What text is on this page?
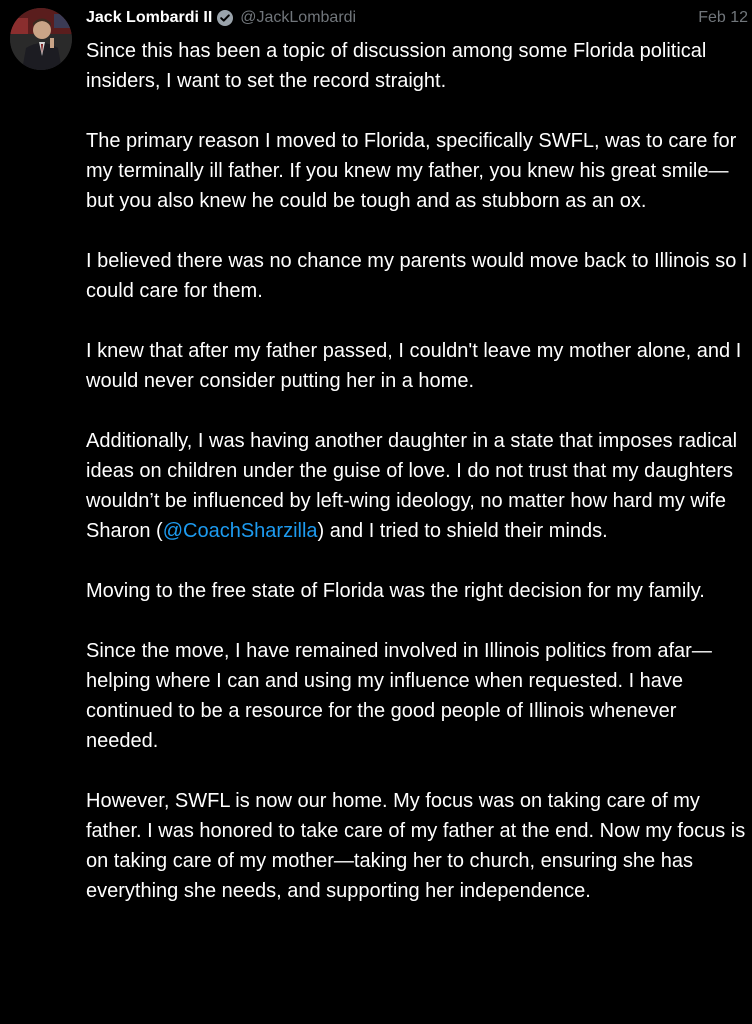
Jack Lombardi II @JackLombardi	Feb 12

Since this has been a topic of discussion among some Florida political insiders, I want to set the record straight.

The primary reason I moved to Florida, specifically SWFL, was to care for my terminally ill father. If you knew my father, you knew his great smile—but you also knew he could be tough and as stubborn as an ox.

I believed there was no chance my parents would move back to Illinois so I could care for them.

I knew that after my father passed, I couldn't leave my mother alone, and I would never consider putting her in a home.

Additionally, I was having another daughter in a state that imposes radical ideas on children under the guise of love. I do not trust that my daughters wouldn’t be influenced by left-wing ideology, no matter how hard my wife Sharon (@CoachSharzilla) and I tried to shield their minds.

Moving to the free state of Florida was the right decision for my family.

Since the move, I have remained involved in Illinois politics from afar—helping where I can and using my influence when requested. I have continued to be a resource for the good people of Illinois whenever needed.

However, SWFL is now our home. My focus was on taking care of my father. I was honored to take care of my father at the end. Now my focus is on taking care of my mother—taking her to church, ensuring she has everything she needs, and supporting her independence.
